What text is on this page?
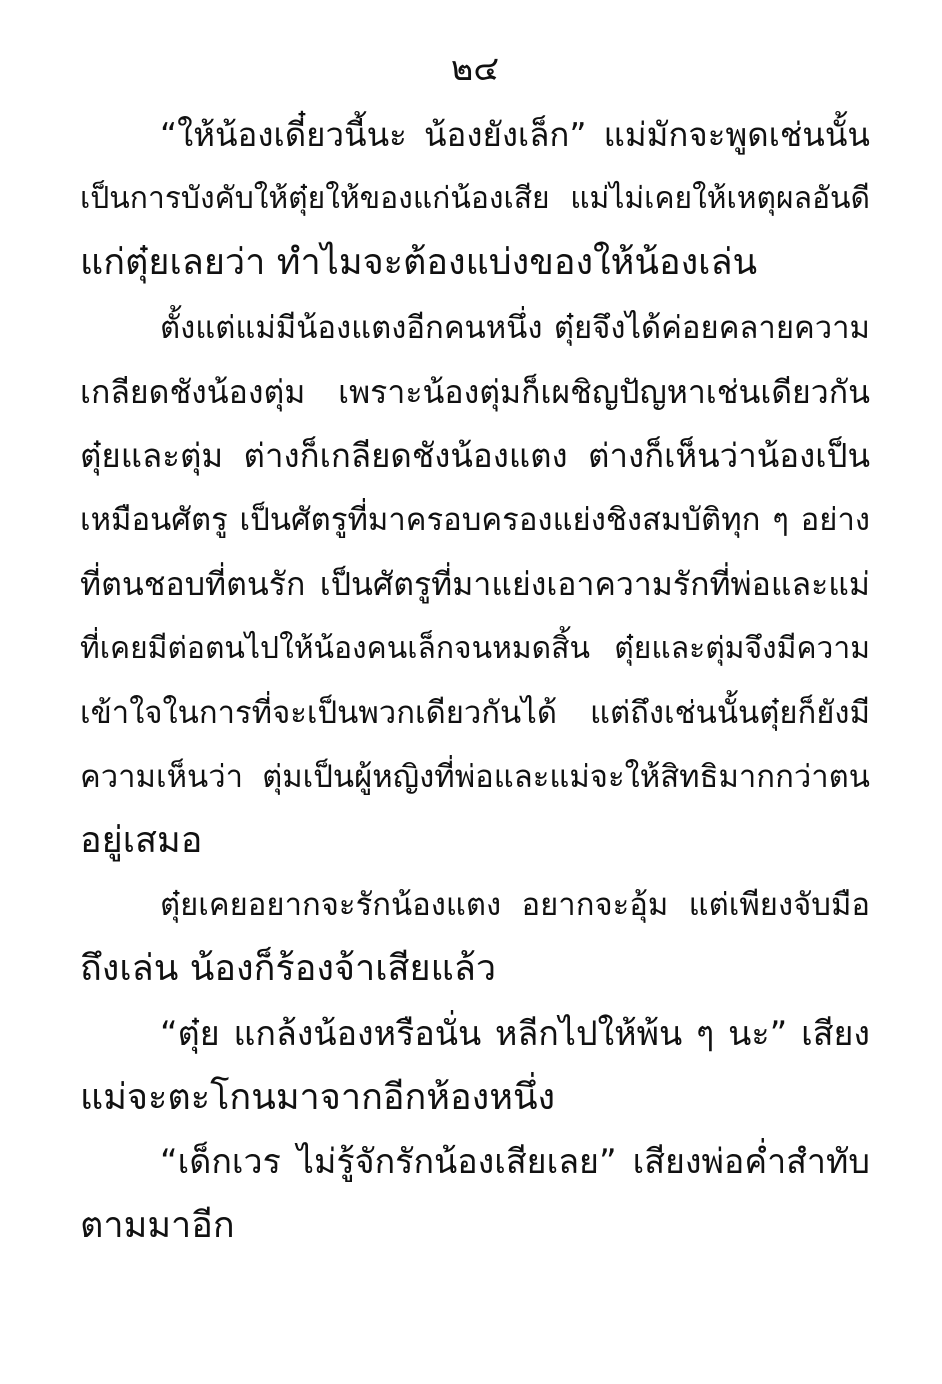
๒๔
“ให้น้องเดี๋ยวนี้นะ น้องยังเล็ก” แม่มักจะพูดเช่นนั้น
เป็นการบังคับให้ตุ๋ยให้ของแก่น้องเสีย แม่ไม่เคยให้เหตุผลอันดี
แก่ตุ๋ยเลยว่า ทำไมจะต้องแบ่งของให้น้องเล่น
ตั้งแต่แม่มีน้องแตงอีกคนหนึ่ง ตุ๋ยจึงได้ค่อยคลายความ
เกลียดชังน้องตุ่ม เพราะน้องตุ่มก็เผชิญปัญหาเช่นเดียวกัน
ตุ๋ยและตุ่ม ต่างก็เกลียดชังน้องแตง ต่างก็เห็นว่าน้องเป็น
เหมือนศัตรู เป็นศัตรูที่มาครอบครองแย่งชิงสมบัติทุก ๆ อย่าง
ที่ตนชอบที่ตนรัก เป็นศัตรูที่มาแย่งเอาความรักที่พ่อและแม่
ที่เคยมีต่อตนไปให้น้องคนเล็กจนหมดสิ้น ตุ๋ยและตุ่มจึงมีความ
เข้าใจในการที่จะเป็นพวกเดียวกันได้ แต่ถึงเช่นนั้นตุ๋ยก็ยังมี
ความเห็นว่า ตุ่มเป็นผู้หญิงที่พ่อและแม่จะให้สิทธิมากกว่าตน
อยู่เสมอ
ตุ๋ยเคยอยากจะรักน้องแตง อยากจะอุ้ม แต่เพียงจับมือ
ถึงเล่น น้องก็ร้องจ้าเสียแล้ว
“ตุ๋ย แกล้งน้องหรือนั่น หลีกไปให้พ้น ๆ นะ” เสียง
แม่จะตะโกนมาจากอีกห้องหนึ่ง
“เด็กเวร ไม่รู้จักรักน้องเสียเลย” เสียงพ่อค่ำสำทับ
ตามมาอีก
